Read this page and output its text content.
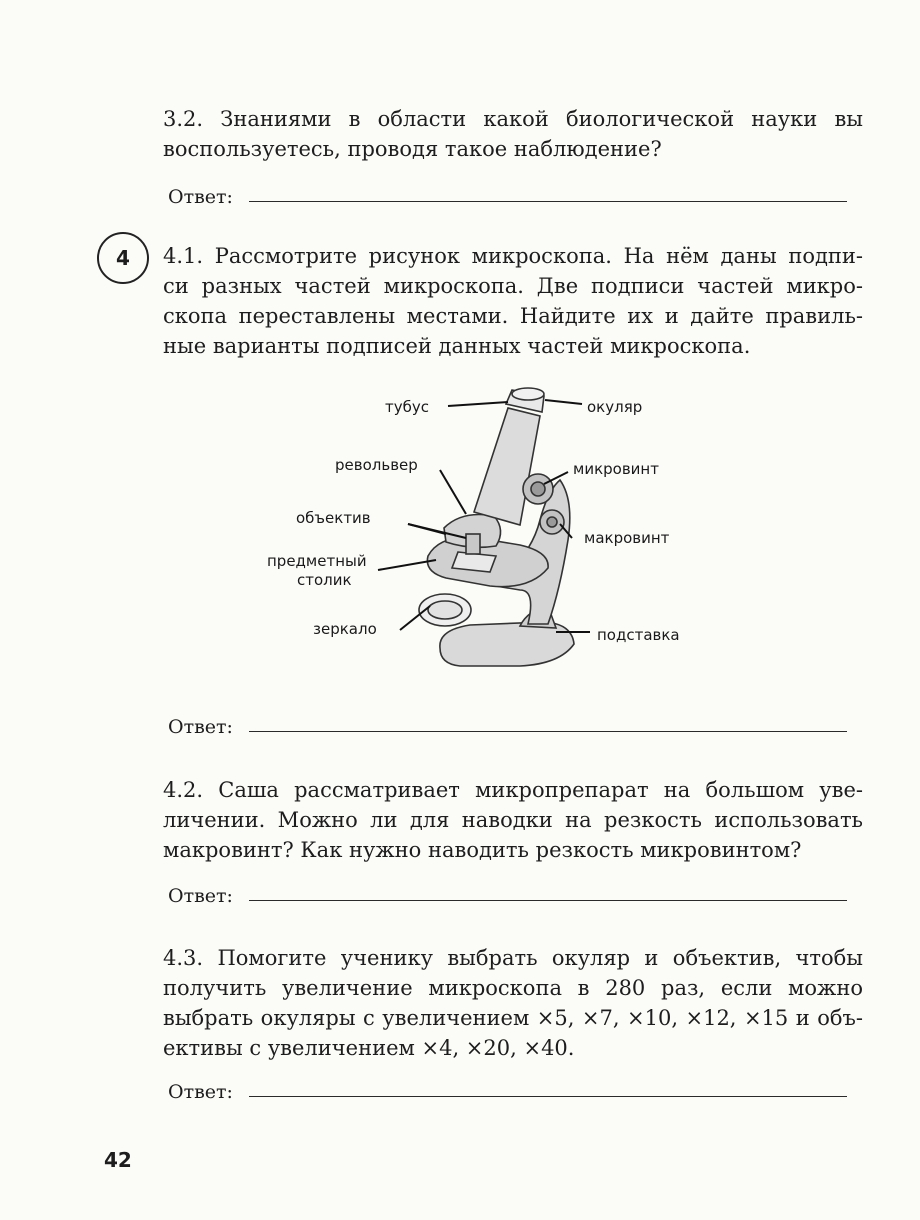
3.2. Знаниями в области какой биологической науки вы
воспользуетесь, проводя такое наблюдение?
Ответ:
4 4.1. Рассмотрите рисунок микроскопа. На нём даны подпи-
си разных частей микроскопа. Две подписи частей микро-
скопа переставлены местами. Найдите их и дайте правиль-
ные варианты подписей данных частей микроскопа.
тубус	окуляр
револьвер	микровинт
объектив
макровинт
предметный
столик
зеркало	подставка
Ответ:
4.2. Саша рассматривает микропрепарат на большом уве-
личении. Можно ли для наводки на резкость использовать
макровинт? Как нужно наводить резкость микровинтом?
Ответ:
4.3. Помогите ученику выбрать окуляр и объектив, чтобы
получить увеличение микроскопа в 280 раз, если можно
выбрать окуляры с увеличением ×5, ×7, ×10, ×12, ×15 и объ-
ективы с увеличением ×4, ×20, ×40.
Ответ:
42
